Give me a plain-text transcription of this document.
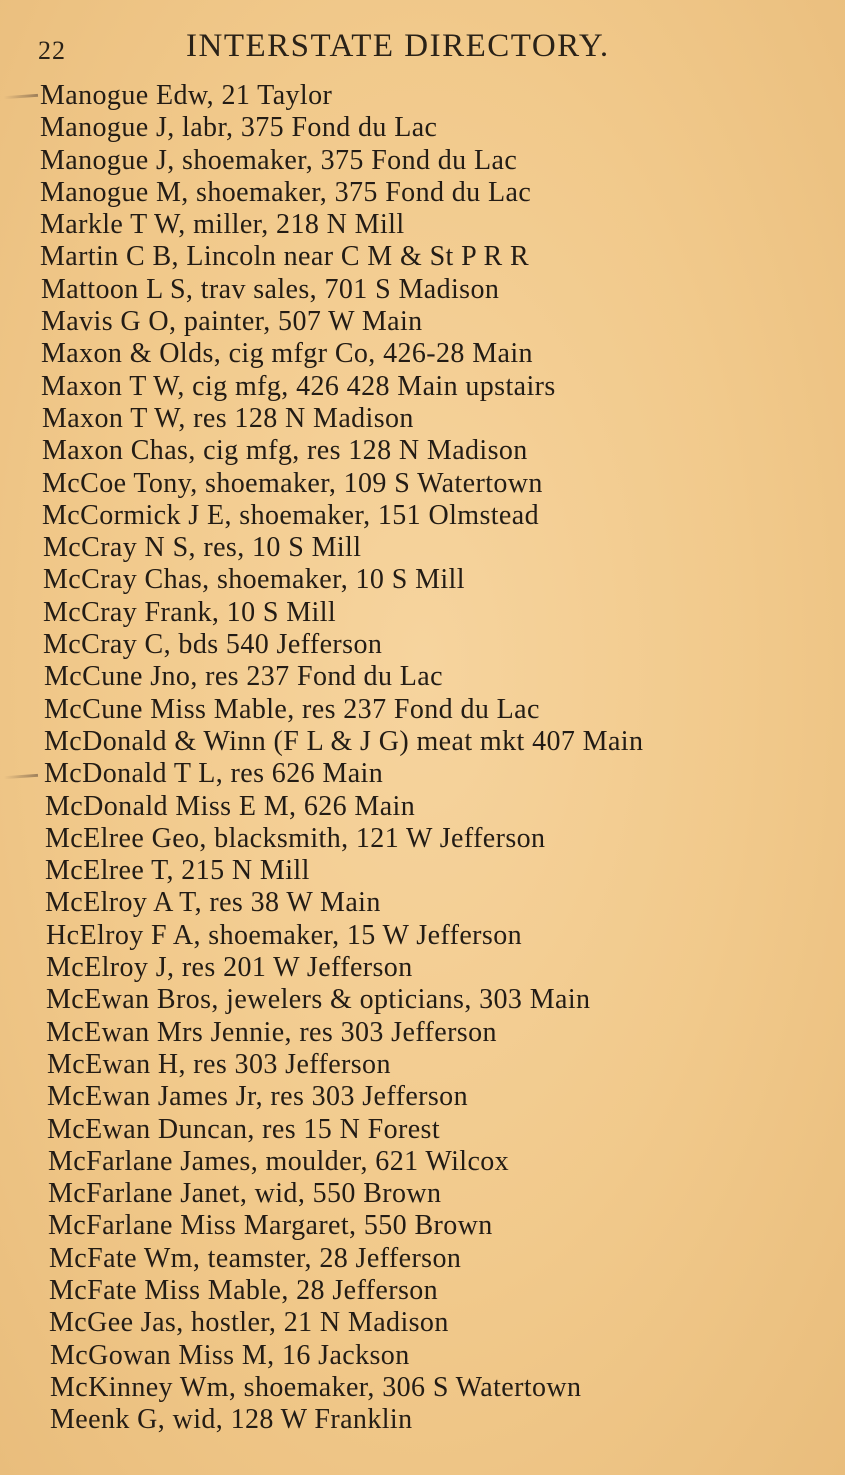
22	INTERSTATE DIRECTORY.
Manogue Edw, 21 Taylor
Manogue J, labr, 375 Fond du Lac
Manogue J, shoemaker, 375 Fond du Lac
Manogue M, shoemaker, 375 Fond du Lac
Markle T W, miller, 218 N Mill
Martin C B, Lincoln near C M & St P R R
Mattoon L S, trav sales, 701 S Madison
Mavis G O, painter, 507 W Main
Maxon & Olds, cig mfgr Co, 426-28 Main
Maxon T W, cig mfg, 426 428 Main upstairs
Maxon T W, res 128 N Madison
Maxon Chas, cig mfg, res 128 N Madison
McCoe Tony, shoemaker, 109 S Watertown
McCormick J E, shoemaker, 151 Olmstead
McCray N S, res, 10 S Mill
McCray Chas, shoemaker, 10 S Mill
McCray Frank, 10 S Mill
McCray C, bds 540 Jefferson
McCune Jno, res 237 Fond du Lac
McCune Miss Mable, res 237 Fond du Lac
McDonald & Winn (F L & J G) meat mkt 407 Main
McDonald T L, res 626 Main
McDonald Miss E M, 626 Main
McElree Geo, blacksmith, 121 W Jefferson
McElree T, 215 N Mill
McElroy A T, res 38 W Main
HcElroy F A, shoemaker, 15 W Jefferson
McElroy J, res 201 W Jefferson
McEwan Bros, jewelers & opticians, 303 Main
McEwan Mrs Jennie, res 303 Jefferson
McEwan H, res 303 Jefferson
McEwan James Jr, res 303 Jefferson
McEwan Duncan, res 15 N Forest
McFarlane James, moulder, 621 Wilcox
McFarlane Janet, wid, 550 Brown
McFarlane Miss Margaret, 550 Brown
McFate Wm, teamster, 28 Jefferson
McFate Miss Mable, 28 Jefferson
McGee Jas, hostler, 21 N Madison
McGowan Miss M, 16 Jackson
McKinney Wm, shoemaker, 306 S Watertown
Meenk G, wid, 128 W Franklin
